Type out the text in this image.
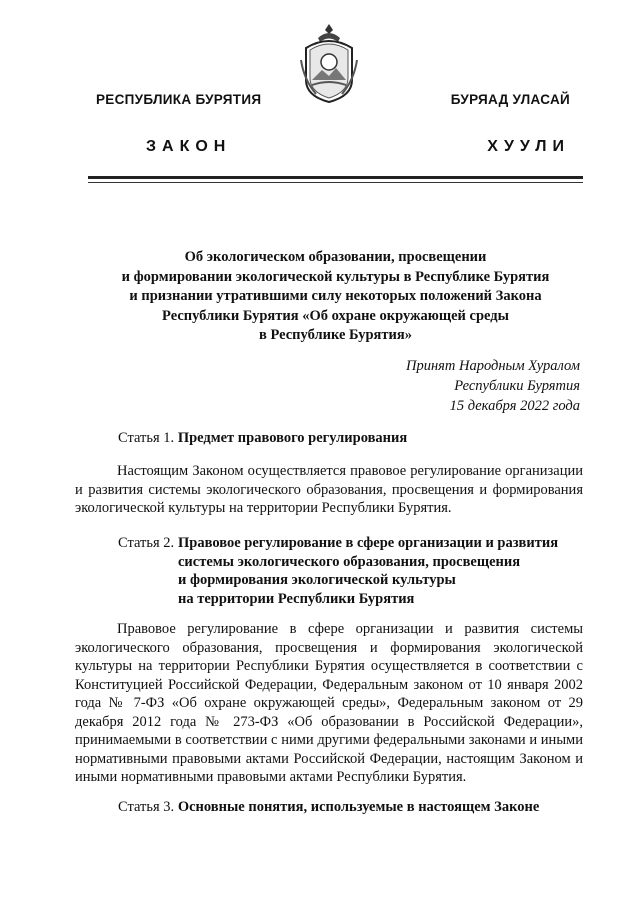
РЕСПУБЛИКА БУРЯТИЯ	БУРЯАД УЛАСАЙ
ЗАКОН	ХУУЛИ
Об экологическом образовании, просвещении
и формировании экологической культуры в Республике Бурятия
и признании утратившими силу некоторых положений Закона
Республики Бурятия «Об охране окружающей среды
в Республике Бурятия»
Принят Народным Хуралом
Республики Бурятия
15 декабря 2022 года
Статья 1. Предмет правового регулирования
Настоящим Законом осуществляется правовое регулирование организации и развития системы экологического образования, просвещения и формирования экологической культуры на территории Республики Бурятия.
Статья 2. Правовое регулирование в сфере организации и развития
системы экологического образования, просвещения
и формирования экологической культуры
на территории Республики Бурятия
Правовое регулирование в сфере организации и развития системы экологического образования, просвещения и формирования экологической культуры на территории Республики Бурятия осуществляется в соответствии с Конституцией Российской Федерации, Федеральным законом от 10 января 2002 года № 7-ФЗ «Об охране окружающей среды», Федеральным законом от 29 декабря 2012 года № 273-ФЗ «Об образовании в Российской Федерации», принимаемыми в соответствии с ними другими федеральными законами и иными нормативными правовыми актами Российской Федерации, настоящим Законом и иными нормативными правовыми актами Республики Бурятия.
Статья 3. Основные понятия, используемые в настоящем Законе
